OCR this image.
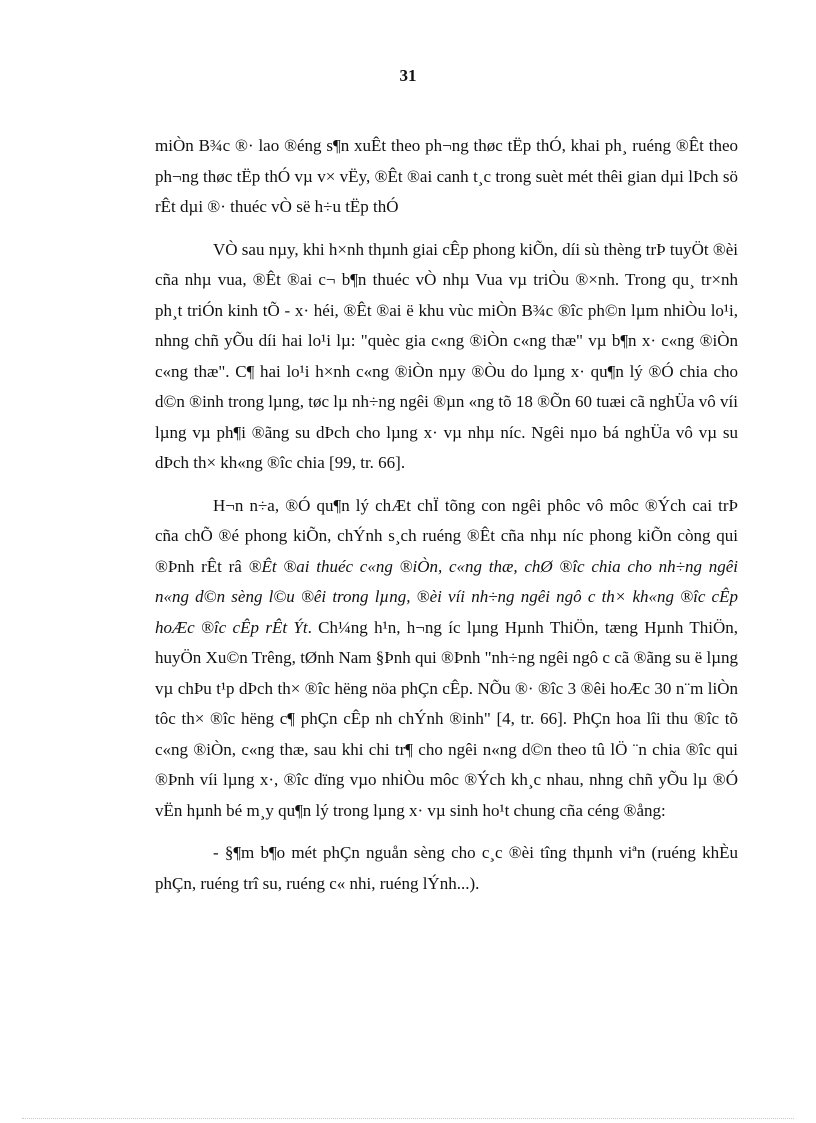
31

miÒn B¾c ®· lao ®éng s¶n xuÊt theo ph¬ng thøc tËp thÓ, khai ph¸ ruéng ®Êt theo ph¬ng thøc tËp thÓ vµ v× vËy, ®Êt ®ai canh t¸c trong suèt mét thêi gian dµi lÞch sö rÊt dµi ®· thuéc vÒ së h÷u tËp thÓ

VÒ sau nµy, khi h×nh thµnh giai cÊp phong kiÕn, díi sù thèng trÞ tuyÖt ®èi cña nhµ vua, ®Êt ®ai c¬ b¶n thuéc vÒ nhµ Vua vµ triÒu ®×nh. Trong qu¸ tr×nh ph¸t triÓn kinh tÕ - x· héi, ®Êt ®ai ë khu vùc miÒn B¾c ®îc ph©n lµm nhiÒu lo¹i, nhng chñ yÕu díi hai lo¹i lµ: "quèc gia c«ng ®iÒn c«ng thæ" vµ b¶n x· c«ng ®iÒn c«ng thæ". C¶ hai lo¹i h×nh c«ng ®iÒn nµy ®Òu do lµng x· qu¶n lý ®Ó chia cho d©n ®inh trong lµng, tøc lµ nh÷ng ngêi ®µn «ng tõ 18 ®Õn 60 tuæi cã nghÜa vô víi lµng vµ ph¶i ®ãng su dÞch cho lµng x· vµ nhµ níc. Ngêi nµo bá nghÜa vô vµ su dÞch th× kh«ng ®îc chia [99, tr. 66].

H¬n n÷a, ®Ó qu¶n lý chÆt chÏ tõng con ngêi phôc vô môc ®Ých cai trÞ cña chÕ ®é phong kiÕn, chÝnh s¸ch ruéng ®Êt cña nhµ níc phong kiÕn còng qui ®Þnh rÊt râ ®Êt ®ai thuéc c«ng ®iÒn, c«ng thæ, chØ ®îc chia cho nh÷ng ngêi n«ng d©n sèng l©u ®êi trong lµng, ®èi víi nh÷ng ngêi ngô c th× kh«ng ®îc cÊp hoÆc ®îc cÊp rÊt Ýt. Ch¼ng h¹n, h¬ng íc lµng Hµnh ThiÖn, tæng Hµnh ThiÖn, huyÖn Xu©n Trêng, tØnh Nam §Þnh qui ®Þnh "nh÷ng ngêi ngô c cã ®ãng su ë lµng vµ chÞu t¹p dÞch th× ®îc hëng nöa phÇn cÊp. NÕu ®· ®îc 3 ®êi hoÆc 30 n¨m liÒn tôc th× ®îc hëng c¶ phÇn cÊp nh chÝnh ®inh" [4, tr. 66]. PhÇn hoa lîi thu ®îc tõ c«ng ®iÒn, c«ng thæ, sau khi chi tr¶ cho ngêi n«ng d©n theo tû lÖ ¨n chia ®îc qui ®Þnh víi lµng x·, ®îc dïng vµo nhiÒu môc ®Ých kh¸c nhau, nhng chñ yÕu lµ ®Ó vËn hµnh bé m¸y qu¶n lý trong lµng x· vµ sinh ho¹t chung cña céng ®ång:

- §¶m b¶o mét phÇn nguån sèng cho c¸c ®èi tîng thµnh viªn (ruéng khÈu phÇn, ruéng trî su, ruéng c« nhi, ruéng lÝnh...).
